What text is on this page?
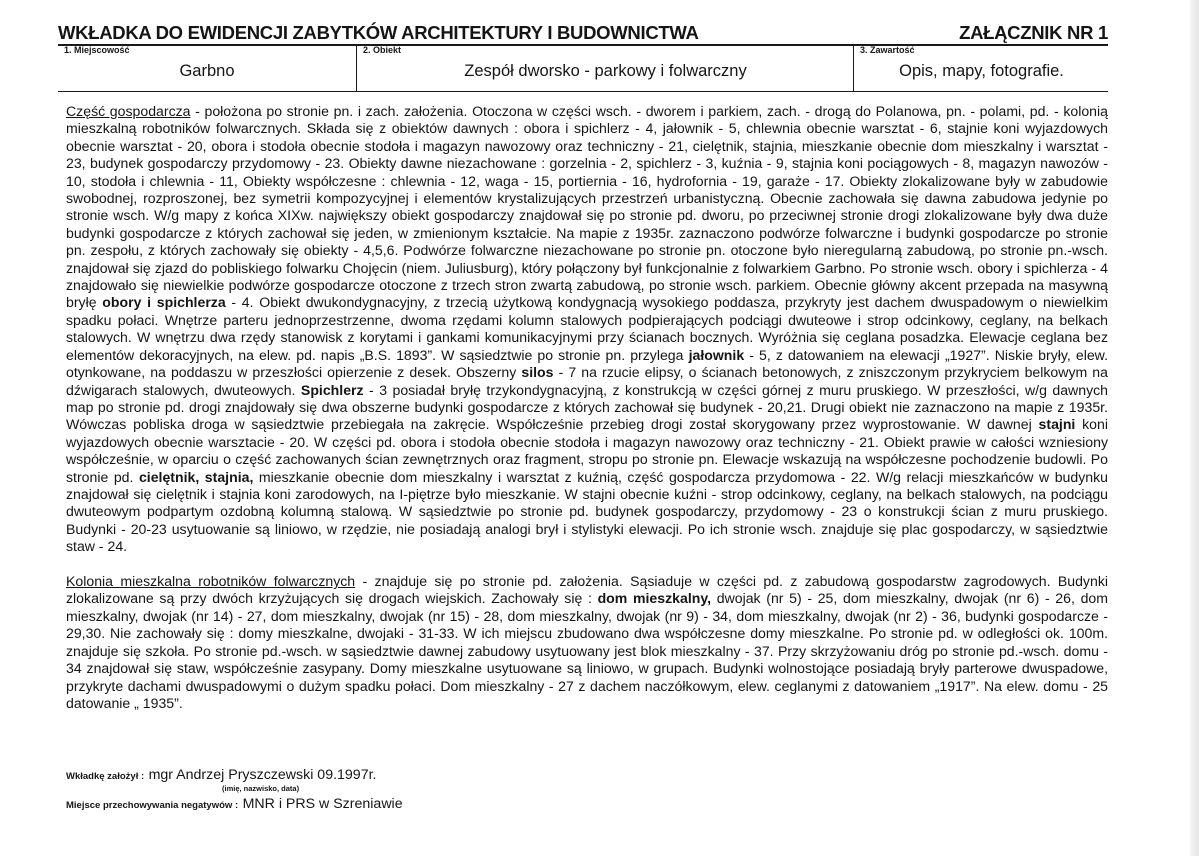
WKŁADKA DO EWIDENCJI ZABYTKÓW ARCHITEKTURY I BUDOWNICTWA	ZAŁĄCZNIK NR 1
1. Miejscowość
Garbno
2. Obiekt
Zespół dworsko - parkowy i folwarczny
3. Zawartość
Opis, mapy, fotografie.

Część gospodarcza - położona po stronie pn. i zach. założenia. Otoczona w części wsch. - dworem i parkiem, zach. - drogą do Polanowa, pn. - polami, pd. - kolonią mieszkalną robotników folwarcznych. Składa się z obiektów dawnych : obora i spichlerz - 4, jałownik - 5, chlewnia obecnie warsztat - 6, stajnie koni wyjazdowych obecnie warsztat - 20, obora i stodoła obecnie stodoła i magazyn nawozowy oraz techniczny - 21, cielętnik, stajnia, mieszkanie obecnie dom mieszkalny i warsztat - 23, budynek gospodarczy przydomowy - 23. Obiekty dawne niezachowane : gorzelnia - 2, spichlerz - 3, kuźnia - 9, stajnia koni pociągowych - 8, magazyn nawozów - 10, stodoła i chlewnia - 11, Obiekty współczesne : chlewnia - 12, waga - 15, portiernia - 16, hydrofornia - 19, garaże - 17. Obiekty zlokalizowane były w zabudowie swobodnej, rozproszonej, bez symetrii kompozycyjnej i elementów krystalizujących przestrzeń urbanistyczną. Obecnie zachowała się dawna zabudowa jedynie po stronie wsch. W/g mapy z końca XIXw. największy obiekt gospodarczy znajdował się po stronie pd. dworu, po przeciwnej stronie drogi zlokalizowane były dwa duże budynki gospodarcze z których zachował się jeden, w zmienionym kształcie. Na mapie z 1935r. zaznaczono podwórze folwarczne i budynki gospodarcze po stronie pn. zespołu, z których zachowały się obiekty - 4,5,6. Podwórze folwarczne niezachowane po stronie pn. otoczone było nieregularną zabudową, po stronie pn.-wsch. znajdował się zjazd do pobliskiego folwarku Chojęcin (niem. Juliusburg), który połączony był funkcjonalnie z folwarkiem Garbno. Po stronie wsch. obory i spichlerza - 4 znajdowało się niewielkie podwórze gospodarcze otoczone z trzech stron zwartą zabudową, po stronie wsch. parkiem. Obecnie główny akcent przepada na masywną bryłę obory i spichlerza - 4. Obiekt dwukondygnacyjny, z trzecią użytkową kondygnacją wysokiego poddasza, przykryty jest dachem dwuspadowym o niewielkim spadku połaci. Wnętrze parteru jednoprzestrzenne, dwoma rzędami kolumn stalowych podpierających podciągi dwuteowe i strop odcinkowy, ceglany, na belkach stalowych. W wnętrzu dwa rzędy stanowisk z korytami i gankami komunikacyjnymi przy ścianach bocznych. Wyróżnia się ceglana posadzka. Elewacje ceglana bez elementów dekoracyjnych, na elew. pd. napis „B.S. 1893”. W sąsiedztwie po stronie pn. przylega jałownik - 5, z datowaniem na elewacji „1927”. Niskie bryły, elew. otynkowane, na poddaszu w przeszłości opierzenie z desek. Obszerny silos - 7 na rzucie elipsy, o ścianach betonowych, z zniszczonym przykryciem belkowym na dźwigarach stalowych, dwuteowych. Spichlerz - 3 posiadał bryłę trzykondygnacyjną, z konstrukcją w części górnej z muru pruskiego. W przeszłości, w/g dawnych map po stronie pd. drogi znajdowały się dwa obszerne budynki gospodarcze z których zachował się budynek - 20,21. Drugi obiekt nie zaznaczono na mapie z 1935r. Wówczas pobliska droga w sąsiedztwie przebiegała na zakręcie. Współcześnie przebieg drogi został skorygowany przez wyprostowanie. W dawnej stajni koni wyjazdowych obecnie warsztacie - 20. W części pd. obora i stodoła obecnie stodoła i magazyn nawozowy oraz techniczny - 21. Obiekt prawie w całości wzniesiony współcześnie, w oparciu o część zachowanych ścian zewnętrznych oraz fragment, stropu po stronie pn. Elewacje wskazują na współczesne pochodzenie budowli. Po stronie pd. cielętnik, stajnia, mieszkanie obecnie dom mieszkalny i warsztat z kuźnią, część gospodarcza przydomowa - 22. W/g relacji mieszkańców w budynku znajdował się cielętnik i stajnia koni zarodowych, na I-piętrze było mieszkanie. W stajni obecnie kuźni - strop odcinkowy, ceglany, na belkach stalowych, na podciągu dwuteowym podpartym ozdobną kolumną stalową. W sąsiedztwie po stronie pd. budynek gospodarczy, przydomowy - 23 o konstrukcji ścian z muru pruskiego. Budynki - 20-23 usytuowanie są liniowo, w rzędzie, nie posiadają analogi brył i stylistyki elewacji. Po ich stronie wsch. znajduje się plac gospodarczy, w sąsiedztwie staw - 24.

Kolonia mieszkalna robotników folwarcznych - znajduje się po stronie pd. założenia. Sąsiaduje w części pd. z zabudową gospodarstw zagrodowych. Budynki zlokalizowane są przy dwóch krzyżujących się drogach wiejskich. Zachowały się : dom mieszkalny, dwojak (nr 5) - 25, dom mieszkalny, dwojak (nr 6) - 26, dom mieszkalny, dwojak (nr 14) - 27, dom mieszkalny, dwojak (nr 15) - 28, dom mieszkalny, dwojak (nr 9) - 34, dom mieszkalny, dwojak (nr 2) - 36, budynki gospodarcze - 29,30. Nie zachowały się : domy mieszkalne, dwojaki - 31-33. W ich miejscu zbudowano dwa współczesne domy mieszkalne. Po stronie pd. w odległości ok. 100m. znajduje się szkoła. Po stronie pd.-wsch. w sąsiedztwie dawnej zabudowy usytuowany jest blok mieszkalny - 37. Przy skrzyżowaniu dróg po stronie pd.-wsch. domu - 34 znajdował się staw, współcześnie zasypany. Domy mieszkalne usytuowane są liniowo, w grupach. Budynki wolnostojące posiadają bryły parterowe dwuspadowe, przykryte dachami dwuspadowymi o dużym spadku połaci. Dom mieszkalny - 27 z dachem naczółkowym, elew. ceglanymi z datowaniem „1917”. Na elew. domu - 25 datowanie „ 1935”.

Wkładkę założył : mgr Andrzej Pryszczewski 09.1997r.
(imię, nazwisko, data)
Miejsce przechowywania negatywów : MNR i PRS w Szreniawie
